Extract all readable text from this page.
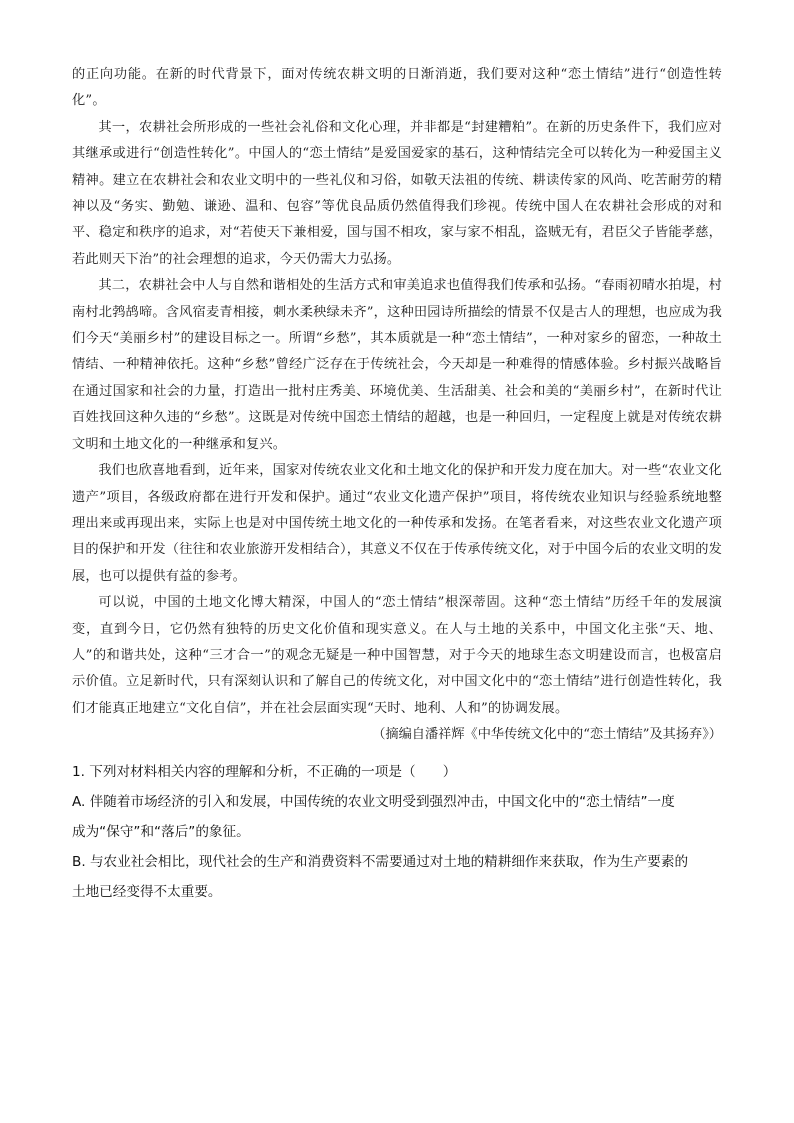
的正向功能。在新的时代背景下，面对传统农耕文明的日渐消逝，我们要对这种“恋土情结”进行“创造性转化”。

其一，农耕社会所形成的一些社会礼俗和文化心理，并非都是“封建糟粕”。在新的历史条件下，我们应对其继承或进行“创造性转化”。中国人的“恋土情结”是爱国爱家的基石，这种情结完全可以转化为一种爱国主义精神。建立在农耕社会和农业文明中的一些礼仪和习俗，如敬天法祖的传统、耕读传家的风尚、吃苦耐劳的精神以及“务实、勤勉、谦逊、温和、包容”等优良品质仍然值得我们珍视。传统中国人在农耕社会形成的对和平、稳定和秩序的追求，对“若使天下兼相爱，国与国不相攻，家与家不相乱，盗贼无有，君臣父子皆能孝慈，若此则天下治”的社会理想的追求，今天仍需大力弘扬。

其二，农耕社会中人与自然和谐相处的生活方式和审美追求也值得我们传承和弘扬。“春雨初晴水拍堤，村南村北鹁鸪啼。含风宿麦青相接，刺水柔秧绿未齐”，这种田园诗所描绘的情景不仅是古人的理想，也应成为我们今天“美丽乡村”的建设目标之一。所谓“乡愁”，其本质就是一种“恋土情结”，一种对家乡的留恋，一种故土情结、一种精神依托。这种“乡愁”曾经广泛存在于传统社会，今天却是一种难得的情感体验。乡村振兴战略旨在通过国家和社会的力量，打造出一批村庄秀美、环境优美、生活甜美、社会和美的“美丽乡村”，在新时代让百姓找回这种久违的“乡愁”。这既是对传统中国恋土情结的超越，也是一种回归，一定程度上就是对传统农耕文明和土地文化的一种继承和复兴。

我们也欣喜地看到，近年来，国家对传统农业文化和土地文化的保护和开发力度在加大。对一些“农业文化遗产”项目，各级政府都在进行开发和保护。通过“农业文化遗产保护”项目，将传统农业知识与经验系统地整理出来或再现出来，实际上也是对中国传统土地文化的一种传承和发扬。在笔者看来，对这些农业文化遗产项目的保护和开发（往往和农业旅游开发相结合），其意义不仅在于传承传统文化，对于中国今后的农业文明的发展，也可以提供有益的参考。

可以说，中国的土地文化博大精深，中国人的“恋土情结”根深蒂固。这种“恋土情结”历经千年的发展演变，直到今日，它仍然有独特的历史文化价值和现实意义。在人与土地的关系中，中国文化主张“天、地、人”的和谐共处，这种“三才合一”的观念无疑是一种中国智慧，对于今天的地球生态文明建设而言，也极富启示价值。立足新时代，只有深刻认识和了解自己的传统文化，对中国文化中的“恋土情结”进行创造性转化，我们才能真正地建立“文化自信”，并在社会层面实现“天时、地利、人和”的协调发展。

（摘编自潘祥辉《中华传统文化中的“恋土情结”及其扬弃》）

1. 下列对材料相关内容的理解和分析，不正确的一项是（　　）

A. 伴随着市场经济的引入和发展，中国传统的农业文明受到强烈冲击，中国文化中的“恋土情结”一度

成为“保守”和“落后”的象征。

B. 与农业社会相比，现代社会的生产和消费资料不需要通过对土地的精耕细作来获取，作为生产要素的

土地已经变得不太重要。
